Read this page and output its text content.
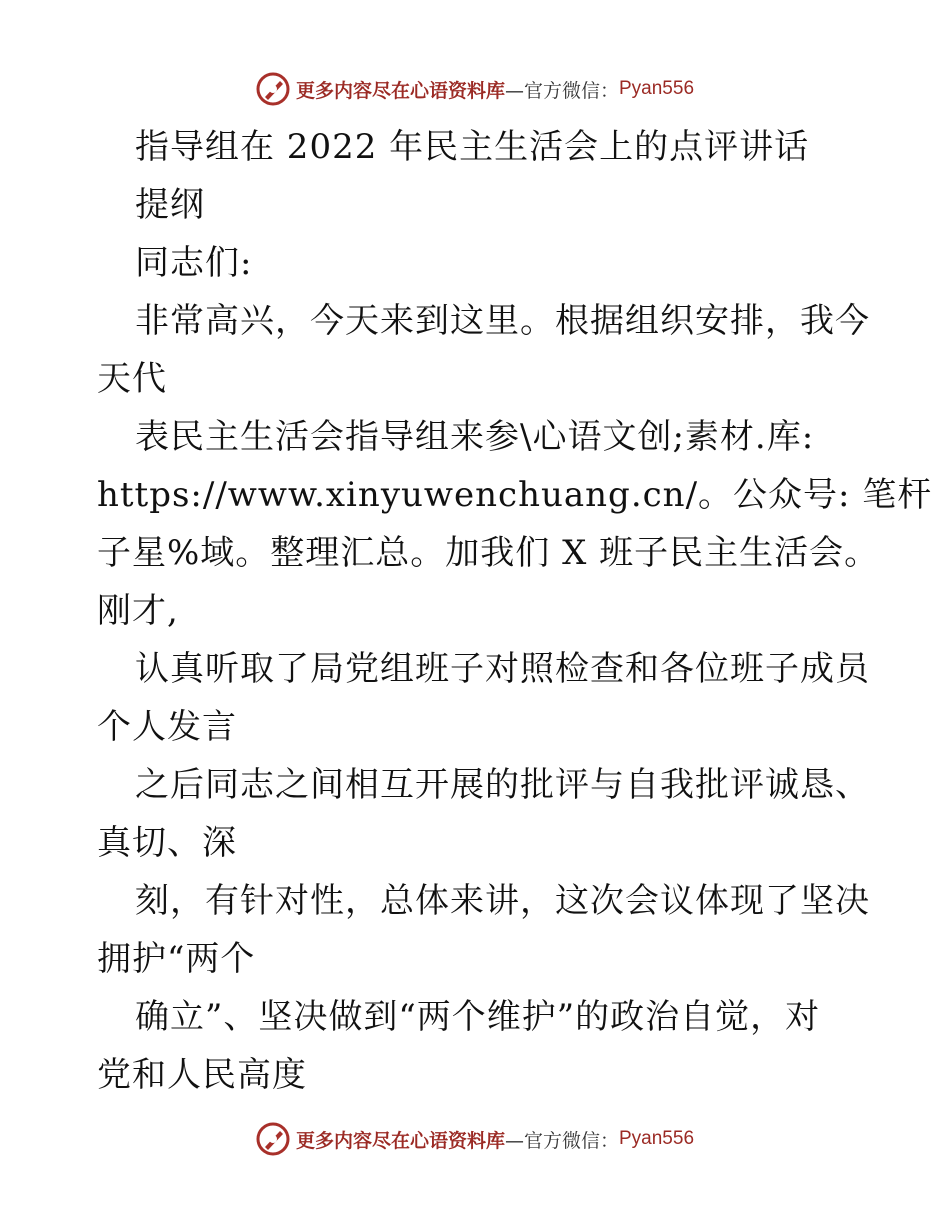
更多内容尽在心语资料库 —官方微信： Pyan556
指导组在 2022 年民主生活会上的点评讲话
提纲
同志们:
非常高兴，今天来到这里。根据组织安排，我今
天代
表民主生活会指导组来参\心语文创;素材.库:
https://www.xinyuwenchuang.cn/。公众号: 笔杆
子星%域。整理汇总。加我们 X 班子民主生活会。
刚才,
认真听取了局党组班子对照检查和各位班子成员
个人发言
之后同志之间相互开展的批评与自我批评诚恳、
真切、深
刻，有针对性，总体来讲，这次会议体现了坚决
拥护“两个
确立”、坚决做到“两个维护”的政治自觉，对
党和人民高度
更多内容尽在心语资料库 —官方微信： Pyan556
